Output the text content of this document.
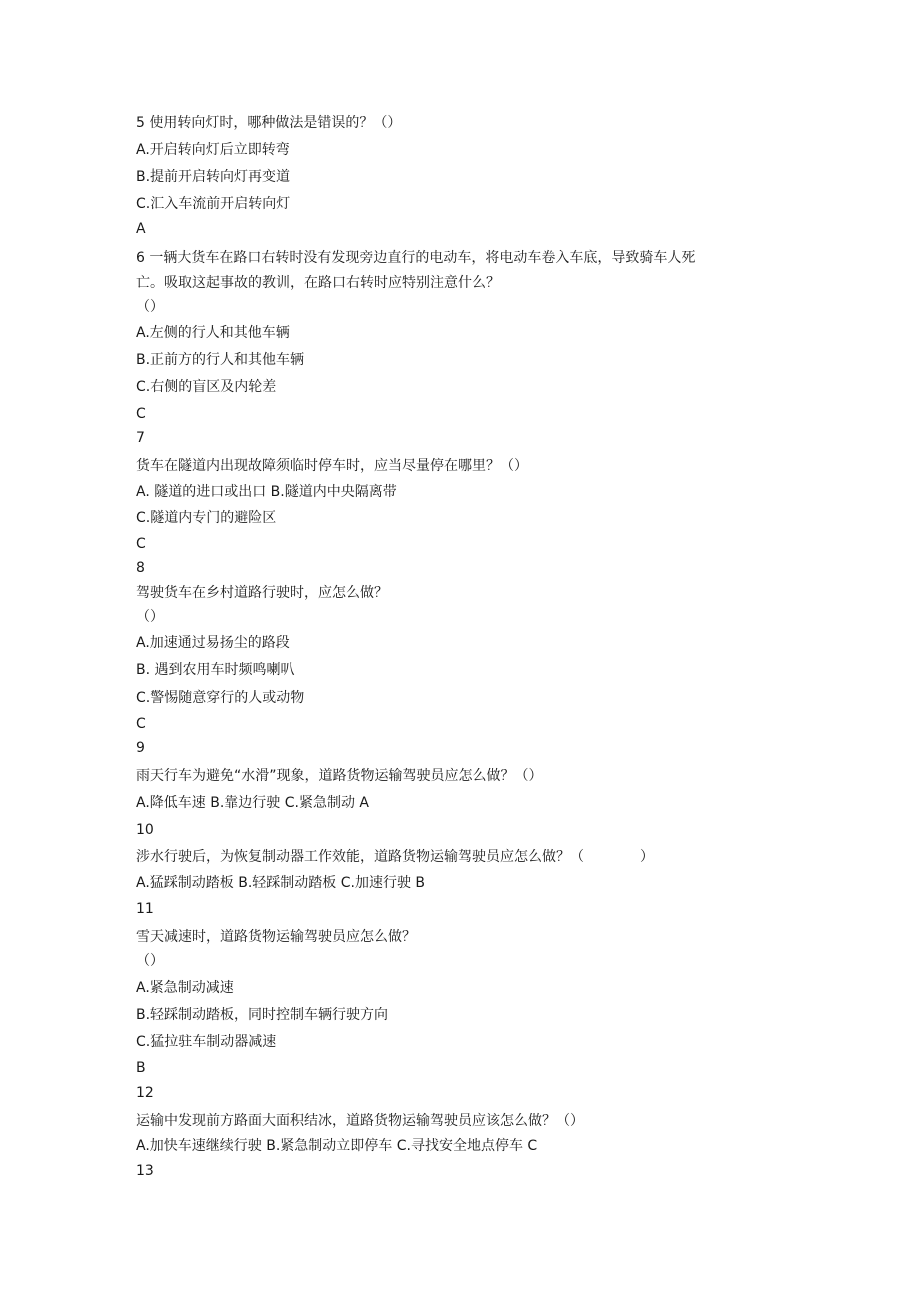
5 使用转向灯时，哪种做法是错误的？（）
A.开启转向灯后立即转弯
B.提前开启转向灯再变道
C.汇入车流前开启转向灯
A
6 一辆大货车在路口右转时没有发现旁边直行的电动车，将电动车卷入车底，导致骑车人死
亡。吸取这起事故的教训，在路口右转时应特别注意什么？
（）
A.左侧的行人和其他车辆
B.正前方的行人和其他车辆
C.右侧的盲区及内轮差
C
7
货车在隧道内出现故障须临时停车时，应当尽量停在哪里？（）
A. 隧道的进口或出口 B.隧道内中央隔离带
C.隧道内专门的避险区
C
8
驾驶货车在乡村道路行驶时，应怎么做？
（）
A.加速通过易扬尘的路段
B. 遇到农用车时频鸣喇叭
C.警惕随意穿行的人或动物
C
9
雨天行车为避免“水滑”现象，道路货物运输驾驶员应怎么做？（）
A.降低车速 B.靠边行驶 C.紧急制动 A
10
涉水行驶后，为恢复制动器工作效能，道路货物运输驾驶员应怎么做？（　　　　）
A.猛踩制动踏板 B.轻踩制动踏板 C.加速行驶 B
11
雪天减速时，道路货物运输驾驶员应怎么做？
（）
A.紧急制动减速
B.轻踩制动踏板，同时控制车辆行驶方向
C.猛拉驻车制动器减速
B
12
运输中发现前方路面大面积结冰，道路货物运输驾驶员应该怎么做？（）
A.加快车速继续行驶 B.紧急制动立即停车 C.寻找安全地点停车 C
13
